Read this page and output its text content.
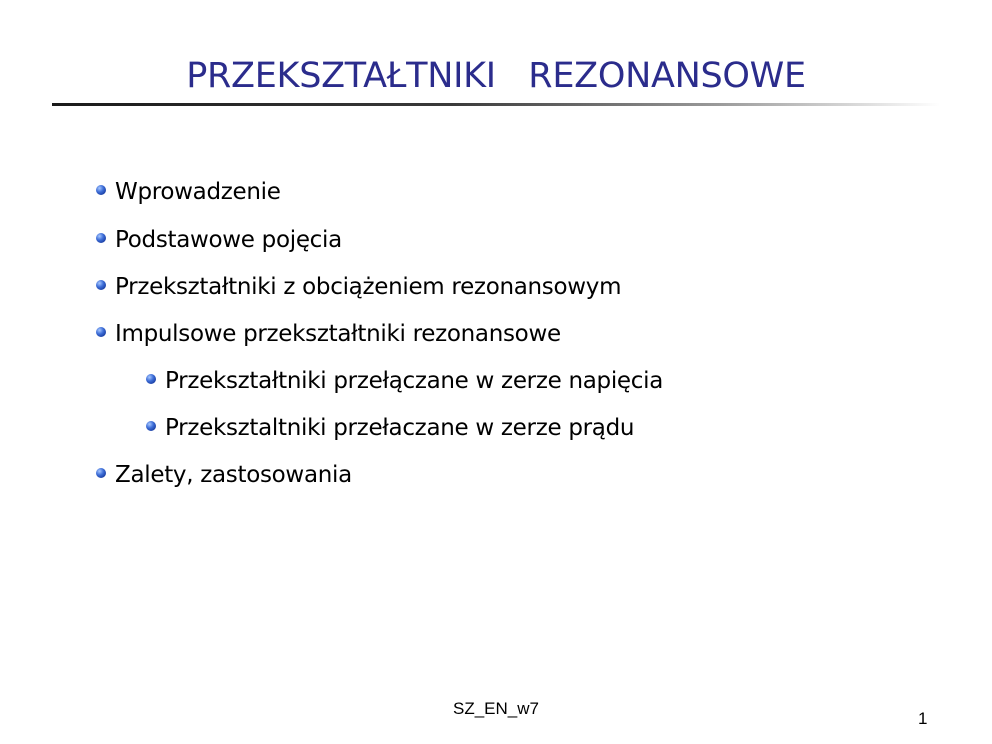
PRZEKSZTAŁTNIKI   REZONANSOWE
Wprowadzenie
Podstawowe pojęcia
Przekształtniki z obciążeniem rezonansowym
Impulsowe przekształtniki rezonansowe
Przekształtniki przełączane w zerze napięcia
Przeksztaltniki przełaczane w zerze prądu
Zalety, zastosowania
SZ_EN_w7
1
